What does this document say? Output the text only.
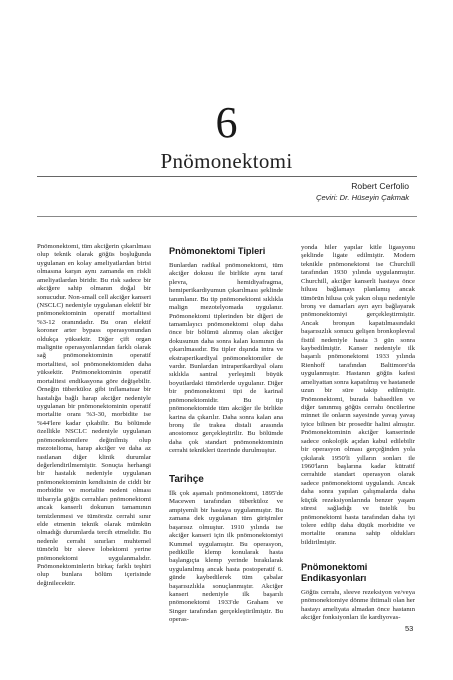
6
Pnömonektomi
Robert Cerfolio
Çeviri: Dr. Hüseyin Çakmak

Pnömonektomi, tüm akciğerin çıkarılması olup teknik olarak göğüs boşluğunda uygulanan en kolay ameliyatlardan birisi olmasına karşın aynı zamanda en riskli ameliyatlardan biridir. Bu risk sadece bir akciğere sahip olmanın doğal bir sonucudur. Non-small cell akciğer kanseri (NSCLC) nedeniyle uygulanan elektif bir pnömonektominin operatif mortalitesi %3-12 oranındadır. Bu oran elektif koroner arter bypass operasyonundan oldukça yüksektir. Diğer çift organ malignite operasyonlarından farklı olarak sağ pnömonektominin operatif mortalitesi, sol pnömonektomiden daha yüksektir. Pnömonektominin operatif mortalitesi endikasyona göre değişebilir. Örneğin tüberküloz gibi inflamatuar bir hastalığa bağlı harap akciğer nedeniyle uygulanan bir pnömonektominin operatif mortalite oranı %3-30, morbidite ise %44'lere kadar çıkabilir. Bu bölümde özellikle NSCLC nedeniyle uygulanan pnömonektomilere değinilmiş olup mezotelioma, harap akciğer ve daha az rastlanan diğer klinik durumlar değerlendirilmemiştir. Sonuçta herhangi bir hastalık nedeniyle uygulanan pnömonektominin kendisinin de ciddi bir morbidite ve mortalite nedeni olması itibarıyla göğüs cerrahları pnömonektomi ancak kanserli dokunun tamamının temizlenmesi ve tümörsüz cerrahi sınır elde etmenin teknik olarak mümkün olmadığı durumlarda tercih etmelidir. Bu nedenle cerrahi sınırları muhtemel tümörlü bir sleeve lobektomi yerine pnömonektomi uygulanmalıdır. Pnömonektominlerin birkaç farklı teşhiri olup bunlara bölüm içerisinde değinilecektir.

Pnömonektomi Tipleri

Bunlardan radikal pnömonektomi, tüm akciğer dokusu ile birlikte aynı taraf plevra, hemidiyafragma, hemiperikardiyumun çıkarılması şeklinde tanımlanır. Bu tip pnömonektomi sıklıkla malign mezotelyomada uygulanır. Pnömonektomi tiplerinden bir diğeri de tamamlayıcı pnömonektomi olup daha önce bir bölümü alınmış olan akciğer dokusunun daha sonra kalan kısmının da çıkarılmasıdır. Bu tipler dışında intra ve ekstraperikardiyal pnömonektomiler de vardır. Bunlardan intraperikardiyal olanı sıklıkla santral yerleşimli büyük boyutlardaki tümörlerde uygulanır. Diğer bir pnömonektomi tipi de karinal pnömonektomidir. Bu tip pnömonektomide tüm akciğer ile birlikte karina da çıkarılır. Daha sonra kalan ana bronş ile trakea distali arasında anostomoz gerçekleştirilir. Bu bölümde daha çok standart pnömonektominin cerrahi teknikleri üzerinde durulmuştur.

Tarihçe

İlk çok aşamalı pnömonektomi, 1895'de Macewen tarafından tüberküloz ve ampiyemli bir hastaya uygulanmıştır. Bu zamana dek uygulanan tüm girişimler başarısız olmuştur. 1910 yılında ise akciğer kanseri için ilk pnömonektomiyi Kummel uygulamıştır. Bu operasyon, pedikülle klemp konularak hasta başlangıçta klemp yerinde bırakılarak uygulanılmış ancak hasta postoperatif 6. günde kaybedilerek tüm çabalar başarısızlıkla sonuçlanmıştır. Akciğer kanseri nedeniyle ilk başarılı pnömonektomi 1933'de Graham ve Singer tarafından gerçekleştirilmiştir. Bu operas-

yonda hiler yapılar kitle ligasyonu şeklinde ligate edilmiştir. Modern teknikle pnömonektomi ise Churchill tarafından 1930 yılında uygulanmıştır. Churchill, akciğer kanserli hastaya önce hilusu bağlamayı planlamış ancak tümörün hilusa çok yakın oluşu nedeniyle bronş ve damarları ayrı ayrı bağlayarak pnömonektomiyi gerçekleştirmiştir. Ancak bronşun kapatılmasındaki başarısızlık sonucu gelişen bronkoplevral fistül nedeniyle hasta 3 gün sonra kaybedilmiştir. Kanser nedeniyle ilk başarılı pnömonektomi 1933 yılında Rienhoff tarafından Baltimore'da uygulanmıştır. Hastanın göğüs kafesi ameliyattan sonra kapatılmış ve hastanede uzun bir süre takip edilmiştir. Pnömonektomi, burada bahsedilen ve diğer tanınmış göğüs cerrahı öncülerine minnet ile onların sayesinde yavaş yavaş iyice bilinen bir prosedür halini almıştır. Pnömonektominin akciğer kanserinde sadece onkolojik açıdan kabul edilebilir bir operasyon olması gerçeğinden yola çıkılarak 1950'li yılların sonları ile 1960'ların başlarına kadar kütratif cerrahide standart operasyon olarak sadece pnömonektomi uygulandı. Ancak daha sonra yapılan çalışmalarda daha küçük rezeksiyonlarında benzer yaşam süresi sağladığı ve üstelik bu pnömonektomi hasta tarafından daha iyi tolere edilip daha düşük morbidite ve mortalite oranına sahip oldukları bildirilmiştir.

Pnömonektomi Endikasyonları

Göğüs cerrahı, sleeve rezeksiyon ve/veya pnömonektomiye dönme ihtimali olan her hastayı ameliyata almadan önce hastanın akciğer fonksiyonları ile kardiyovas-

53
